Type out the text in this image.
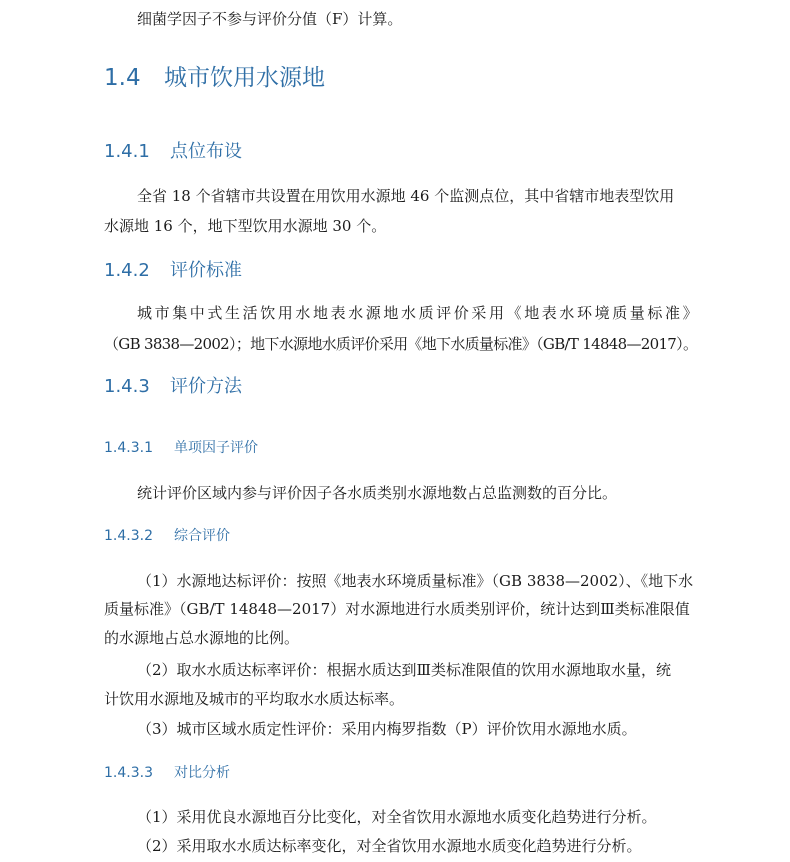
细菌学因子不参与评价分值（F）计算。
1.4 城市饮用水源地
1.4.1 点位布设
全省 18 个省辖市共设置在用饮用水源地 46 个监测点位，其中省辖市地表型饮用
水源地 16 个，地下型饮用水源地 30 个。
1.4.2 评价标准
城市集中式生活饮用水地表水源地水质评价采用《地表水环境质量标准》
（GB 3838—2002）；地下水源地水质评价采用《地下水质量标准》（GB/T 14848—2017）。
1.4.3 评价方法
1.4.3.1 单项因子评价
统计评价区域内参与评价因子各水质类别水源地数占总监测数的百分比。
1.4.3.2 综合评价
（1）水源地达标评价：按照《地表水环境质量标准》（GB 3838—2002）、《地下水
质量标准》（GB/T 14848—2017）对水源地进行水质类别评价，统计达到Ⅲ类标准限值
的水源地占总水源地的比例。
（2）取水水质达标率评价：根据水质达到Ⅲ类标准限值的饮用水源地取水量，统
计饮用水源地及城市的平均取水水质达标率。
（3）城市区域水质定性评价：采用内梅罗指数（P）评价饮用水源地水质。
1.4.3.3 对比分析
（1）采用优良水源地百分比变化，对全省饮用水源地水质变化趋势进行分析。
（2）采用取水水质达标率变化，对全省饮用水源地水质变化趋势进行分析。
